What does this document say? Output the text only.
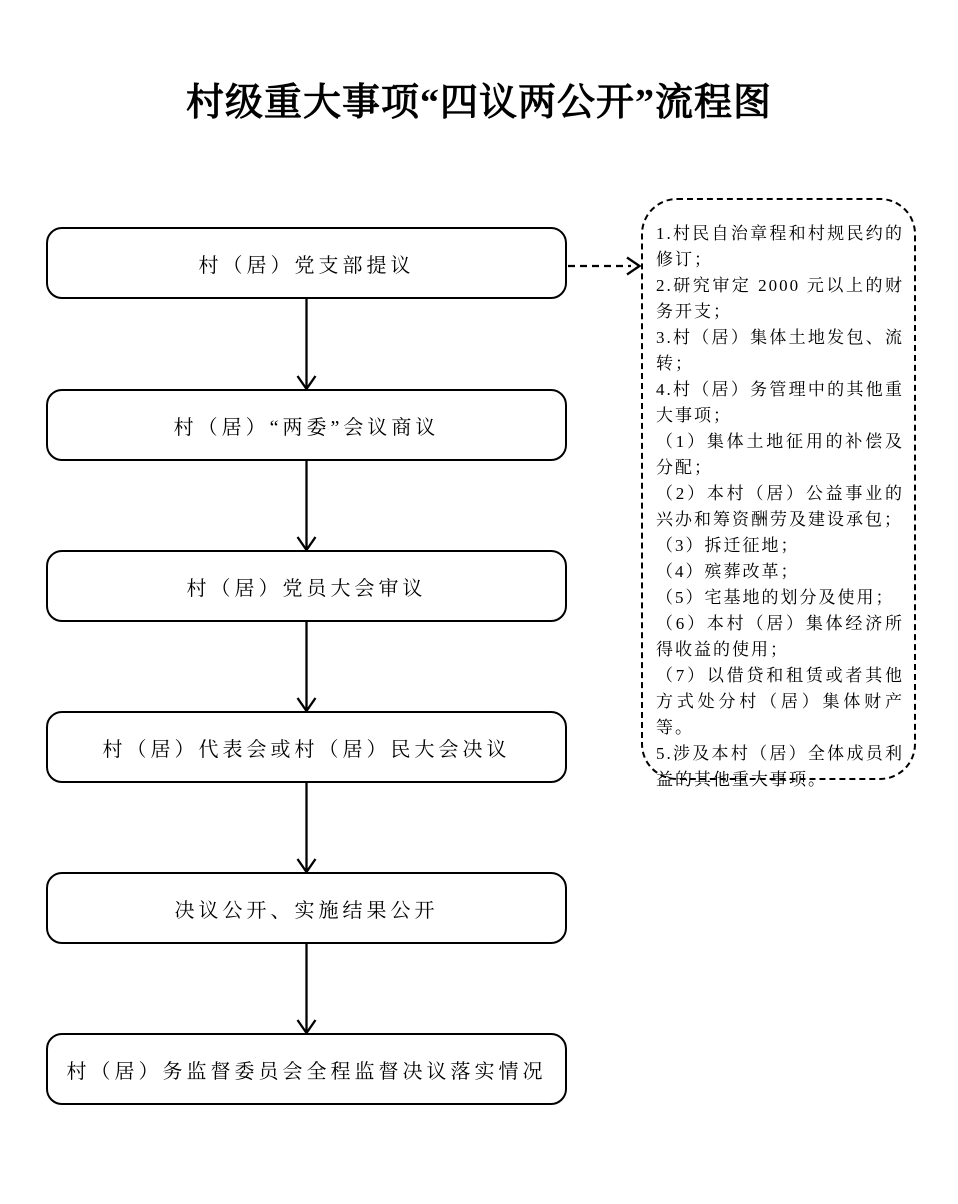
村级重大事项“四议两公开”流程图
村（居）党支部提议
村（居）“两委”会议商议
村（居）党员大会审议
村（居）代表会或村（居）民大会决议
决议公开、实施结果公开
村（居）务监督委员会全程监督决议落实情况
1.村民自治章程和村规民约的修订；
2.研究审定 2000 元以上的财务开支；
3.村（居）集体土地发包、流转；
4.村（居）务管理中的其他重大事项；
（1）集体土地征用的补偿及分配；
（2）本村（居）公益事业的兴办和筹资酬劳及建设承包；
（3）拆迁征地；
（4）殡葬改革；
（5）宅基地的划分及使用；
（6）本村（居）集体经济所得收益的使用；
（7）以借贷和租赁或者其他方式处分村（居）集体财产等。
5.涉及本村（居）全体成员利益的其他重大事项。
